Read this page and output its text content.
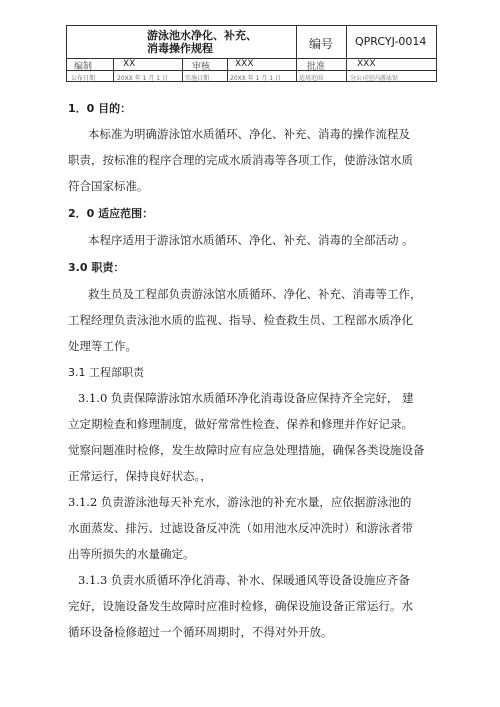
游泳池水净化、补充、
消毒操作规程	编号 QPRCYJ-0014
编制	XX	审核	XXX	批准	XXX
公布日期	20XX 年 1 月 1 日	实施日期	20XX 年 1 月 1 日	适用范围	分公司室内游泳馆
1．0 目的：
本标准为明确游泳馆水质循环、净化、补充、消毒的操作流程及
职责，按标准的程序合理的完成水质消毒等各项工作，使游泳馆水质
符合国家标准。
2．0 适应范围：
本程序适用于游泳馆水质循环、净化、补充、消毒的全部活动 。
3.0 职责：
救生员及工程部负责游泳馆水质循环、净化、补充、消毒等工作，
工程经理负责泳池水质的监视、指导、检查救生员、工程部水质净化
处理等工作。
3.1 工程部职责
3.1.0 负责保障游泳馆水质循环净化消毒设备应保持齐全完好， 建
立定期检查和修理制度，做好常常性检查、保养和修理并作好记录。
觉察问题准时检修，发生故障时应有应急处理措施，确保各类设施设备
正常运行，保持良好状态。，
3.1.2 负责游泳池每天补充水，游泳池的补充水量，应依据游泳池的
水面蒸发、排污、过滤设备反冲洗（如用池水反冲洗时）和游泳者带
出等所损失的水量确定。
3.1.3 负责水质循环净化消毒、补水、保暖通风等设备设施应齐备
完好，设施设备发生故障时应准时检修，确保设施设备正常运行。水
循环设备检修超过一个循环周期时，不得对外开放。
